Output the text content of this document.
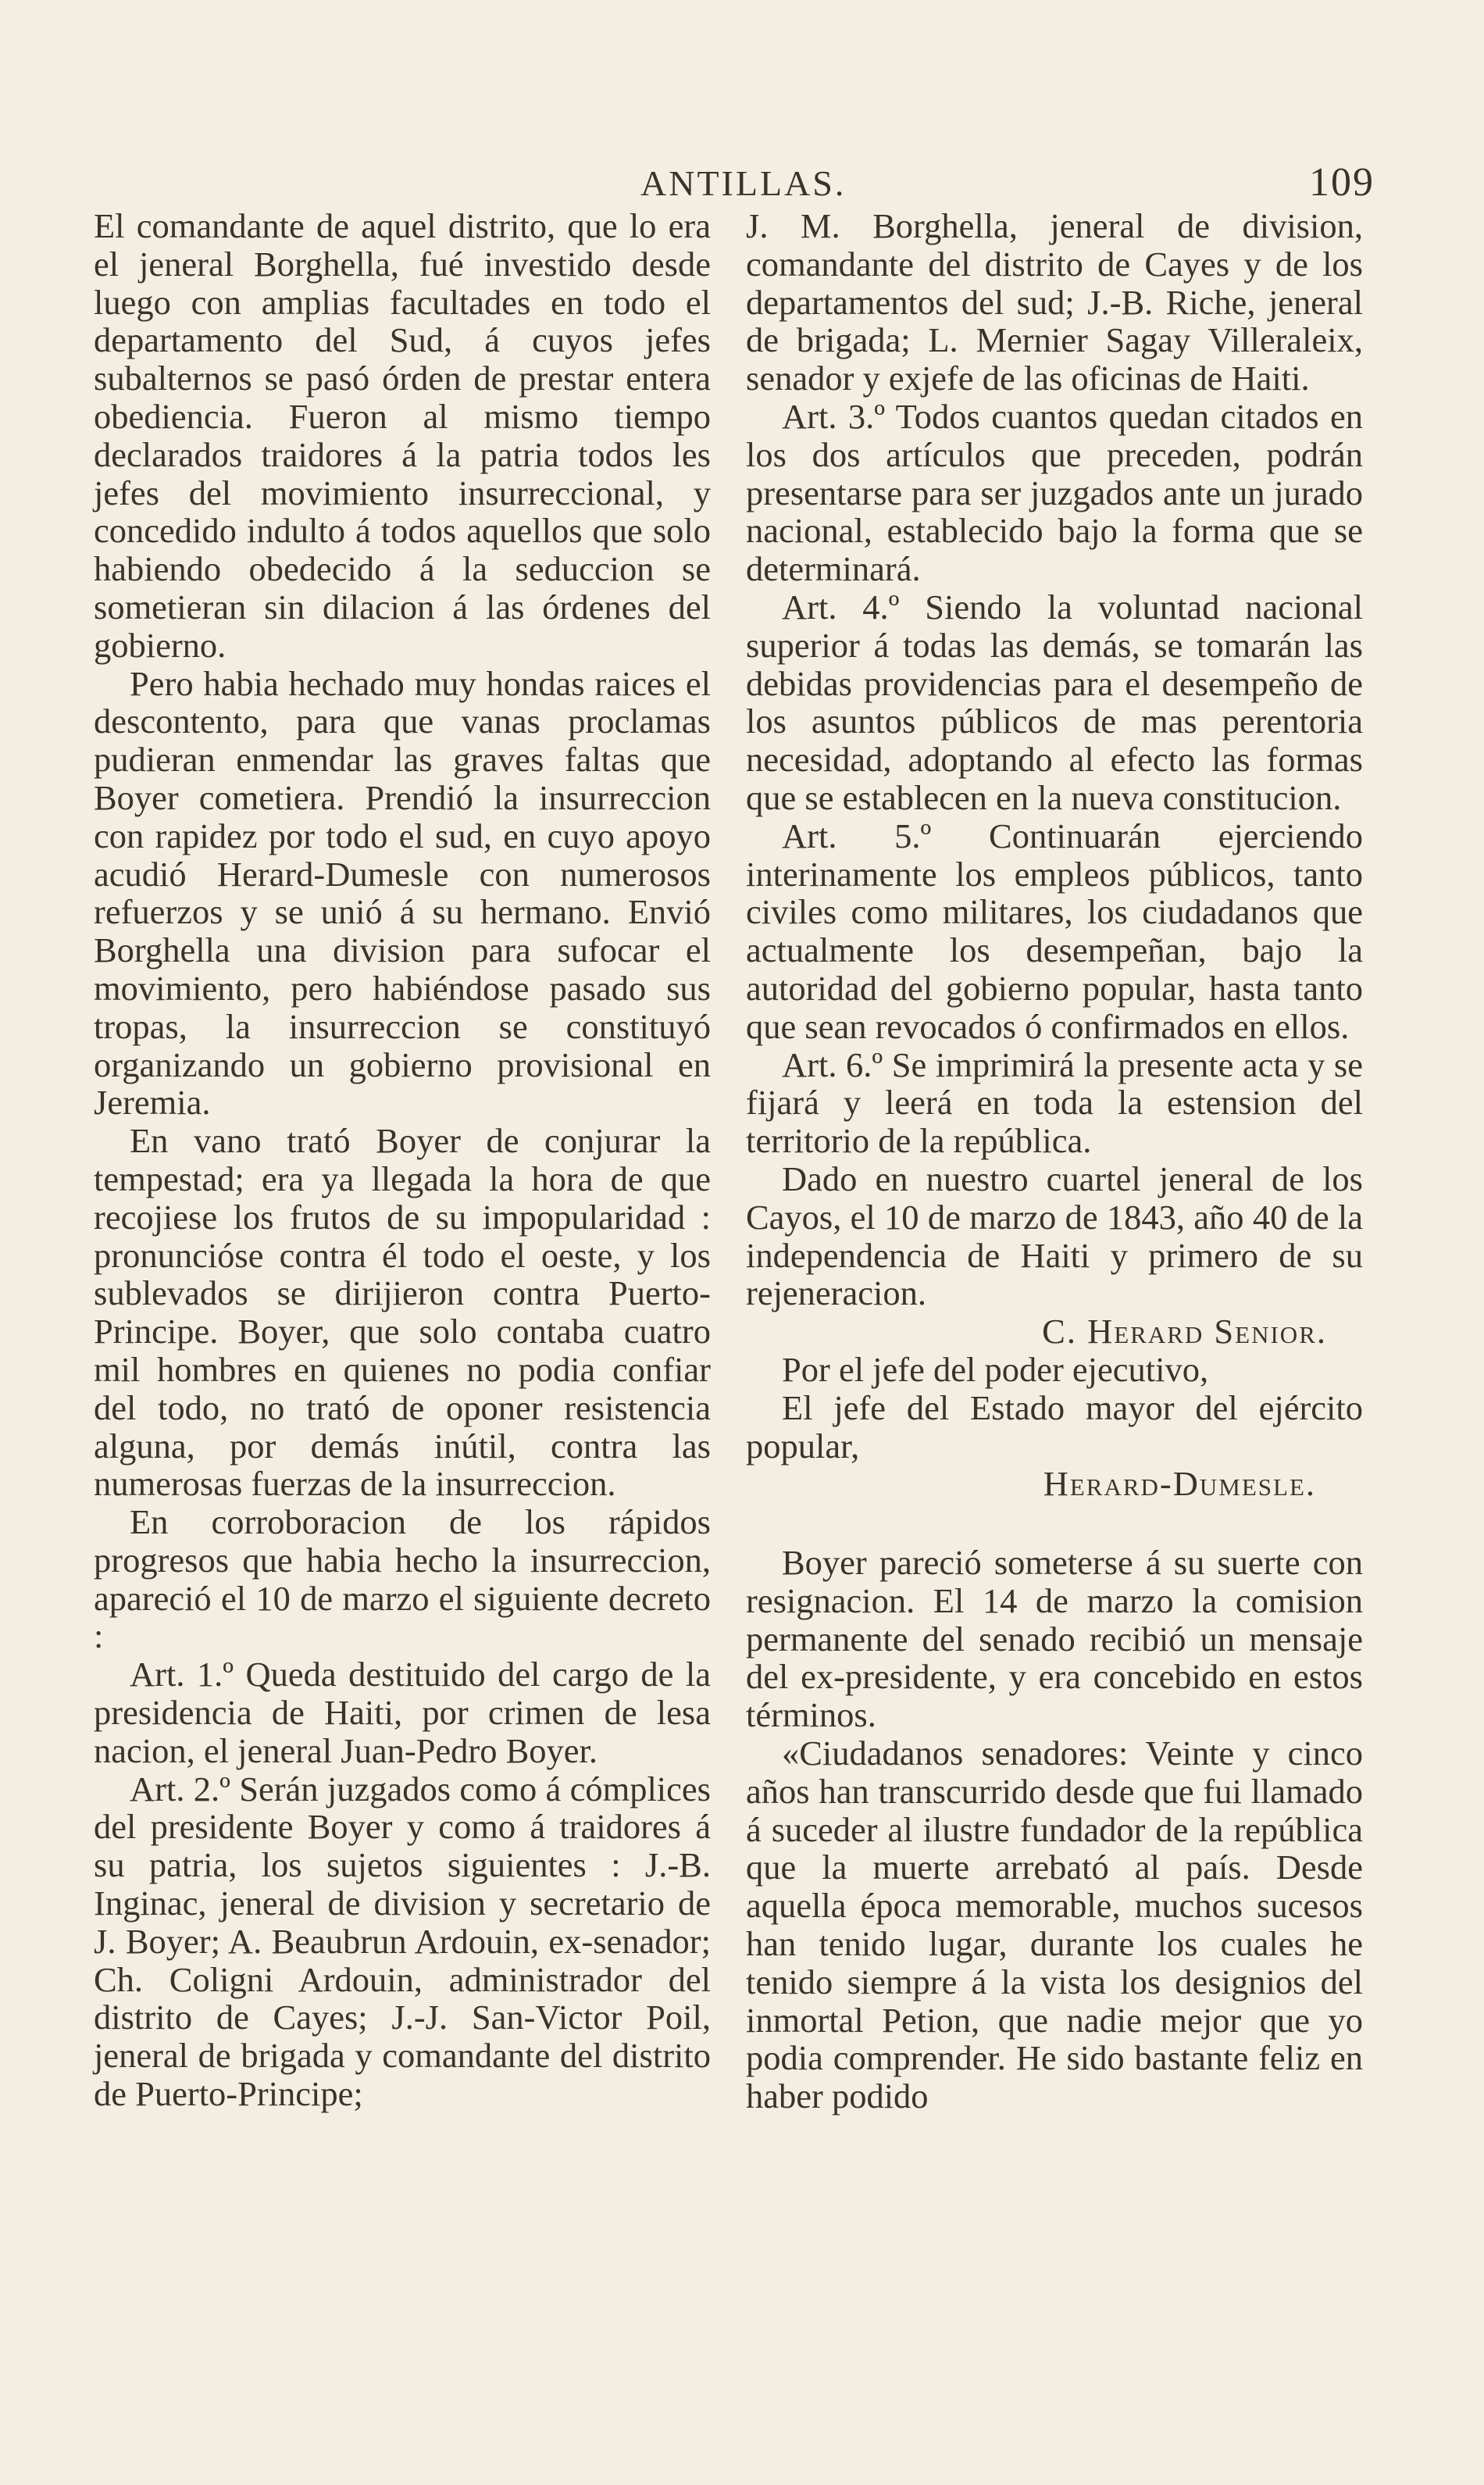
ANTILLAS.	109

El comandante de aquel distrito, que lo era el jeneral Borghella, fué investido desde luego con amplias facultades en todo el departamento del Sud, á cuyos jefes subalternos se pasó órden de prestar entera obediencia. Fueron al mismo tiempo declarados traidores á la patria todos les jefes del movimiento insurreccional, y concedido indulto á todos aquellos que solo habiendo obedecido á la seduccion se sometieran sin dilacion á las órdenes del gobierno.

Pero habia hechado muy hondas raices el descontento, para que vanas proclamas pudieran enmendar las graves faltas que Boyer cometiera. Prendió la insurreccion con rapidez por todo el sud, en cuyo apoyo acudió Herard-Dumesle con numerosos refuerzos y se unió á su hermano. Envió Borghella una division para sufocar el movimiento, pero habiéndose pasado sus tropas, la insurreccion se constituyó organizando un gobierno provisional en Jeremia.

En vano trató Boyer de conjurar la tempestad; era ya llegada la hora de que recojiese los frutos de su impopularidad : pronuncióse contra él todo el oeste, y los sublevados se dirijieron contra Puerto-Principe. Boyer, que solo contaba cuatro mil hombres en quienes no podia confiar del todo, no trató de oponer resistencia alguna, por demás inútil, contra las numerosas fuerzas de la insurreccion.

En corroboracion de los rápidos progresos que habia hecho la insurreccion, apareció el 10 de marzo el siguiente decreto :

Art. 1.º Queda destituido del cargo de la presidencia de Haiti, por crimen de lesa nacion, el jeneral Juan-Pedro Boyer.

Art. 2.º Serán juzgados como á cómplices del presidente Boyer y como á traidores á su patria, los sujetos siguientes : J.-B. Inginac, jeneral de division y secretario de J. Boyer; A. Beaubrun Ardouin, ex-senador; Ch. Coligni Ardouin, administrador del distrito de Cayes; J.-J. San-Victor Poil, jeneral de brigada y comandante del distrito de Puerto-Principe;

J. M. Borghella, jeneral de division, comandante del distrito de Cayes y de los departamentos del sud; J.-B. Riche, jeneral de brigada; L. Mernier Sagay Villeraleix, senador y exjefe de las oficinas de Haiti.

Art. 3.º Todos cuantos quedan citados en los dos artículos que preceden, podrán presentarse para ser juzgados ante un jurado nacional, establecido bajo la forma que se determinará.

Art. 4.º Siendo la voluntad nacional superior á todas las demás, se tomarán las debidas providencias para el desempeño de los asuntos públicos de mas perentoria necesidad, adoptando al efecto las formas que se establecen en la nueva constitucion.

Art. 5.º Continuarán ejerciendo interinamente los empleos públicos, tanto civiles como militares, los ciudadanos que actualmente los desempeñan, bajo la autoridad del gobierno popular, hasta tanto que sean revocados ó confirmados en ellos.

Art. 6.º Se imprimirá la presente acta y se fijará y leerá en toda la estension del territorio de la república.

Dado en nuestro cuartel jeneral de los Cayos, el 10 de marzo de 1843, año 40 de la independencia de Haiti y primero de su rejeneracion.

C. Herard Senior.

Por el jefe del poder ejecutivo,

El jefe del Estado mayor del ejército popular,

Herard-Dumesle.

Boyer pareció someterse á su suerte con resignacion. El 14 de marzo la comision permanente del senado recibió un mensaje del ex-presidente, y era concebido en estos términos.

«Ciudadanos senadores: Veinte y cinco años han transcurrido desde que fui llamado á suceder al ilustre fundador de la república que la muerte arrebató al país. Desde aquella época memorable, muchos sucesos han tenido lugar, durante los cuales he tenido siempre á la vista los designios del inmortal Petion, que nadie mejor que yo podia comprender. He sido bastante feliz en haber podido
